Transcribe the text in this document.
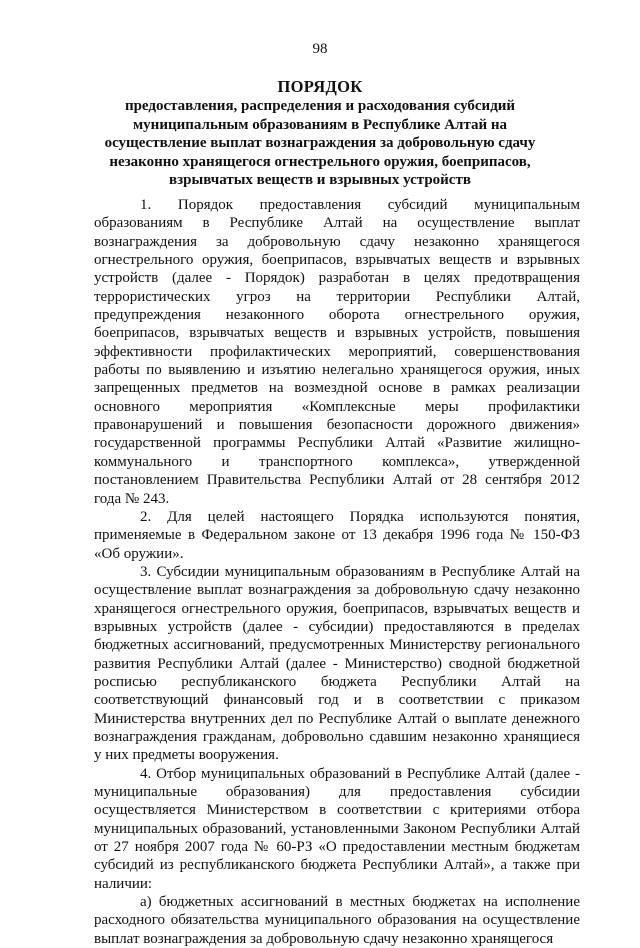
98
ПОРЯДОК
предоставления, распределения и расходования субсидий муниципальным образованиям в Республике Алтай на осуществление выплат вознаграждения за добровольную сдачу незаконно хранящегося огнестрельного оружия, боеприпасов, взрывчатых веществ и взрывных устройств

1. Порядок предоставления субсидий муниципальным образованиям в Республике Алтай на осуществление выплат вознаграждения за добровольную сдачу незаконно хранящегося огнестрельного оружия, боеприпасов, взрывчатых веществ и взрывных устройств (далее - Порядок) разработан в целях предотвращения террористических угроз на территории Республики Алтай, предупреждения незаконного оборота огнестрельного оружия, боеприпасов, взрывчатых веществ и взрывных устройств, повышения эффективности профилактических мероприятий, совершенствования работы по выявлению и изъятию нелегально хранящегося оружия, иных запрещенных предметов на возмездной основе в рамках реализации основного мероприятия «Комплексные меры профилактики правонарушений и повышения безопасности дорожного движения» государственной программы Республики Алтай «Развитие жилищно-коммунального и транспортного комплекса», утвержденной постановлением Правительства Республики Алтай от 28 сентября 2012 года № 243.

2. Для целей настоящего Порядка используются понятия, применяемые в Федеральном законе от 13 декабря 1996 года № 150-ФЗ «Об оружии».

3. Субсидии муниципальным образованиям в Республике Алтай на осуществление выплат вознаграждения за добровольную сдачу незаконно хранящегося огнестрельного оружия, боеприпасов, взрывчатых веществ и взрывных устройств (далее - субсидии) предоставляются в пределах бюджетных ассигнований, предусмотренных Министерству регионального развития Республики Алтай (далее - Министерство) сводной бюджетной росписью республиканского бюджета Республики Алтай на соответствующий финансовый год и в соответствии с приказом Министерства внутренних дел по Республике Алтай о выплате денежного вознаграждения гражданам, добровольно сдавшим незаконно хранящиеся у них предметы вооружения.

4. Отбор муниципальных образований в Республике Алтай (далее - муниципальные образования) для предоставления субсидии осуществляется Министерством в соответствии с критериями отбора муниципальных образований, установленными Законом Республики Алтай от 27 ноября 2007 года № 60-РЗ «О предоставлении местным бюджетам субсидий из республиканского бюджета Республики Алтай», а также при наличии:

а) бюджетных ассигнований в местных бюджетах на исполнение расходного обязательства муниципального образования на осуществление выплат вознаграждения за добровольную сдачу незаконно хранящегося
